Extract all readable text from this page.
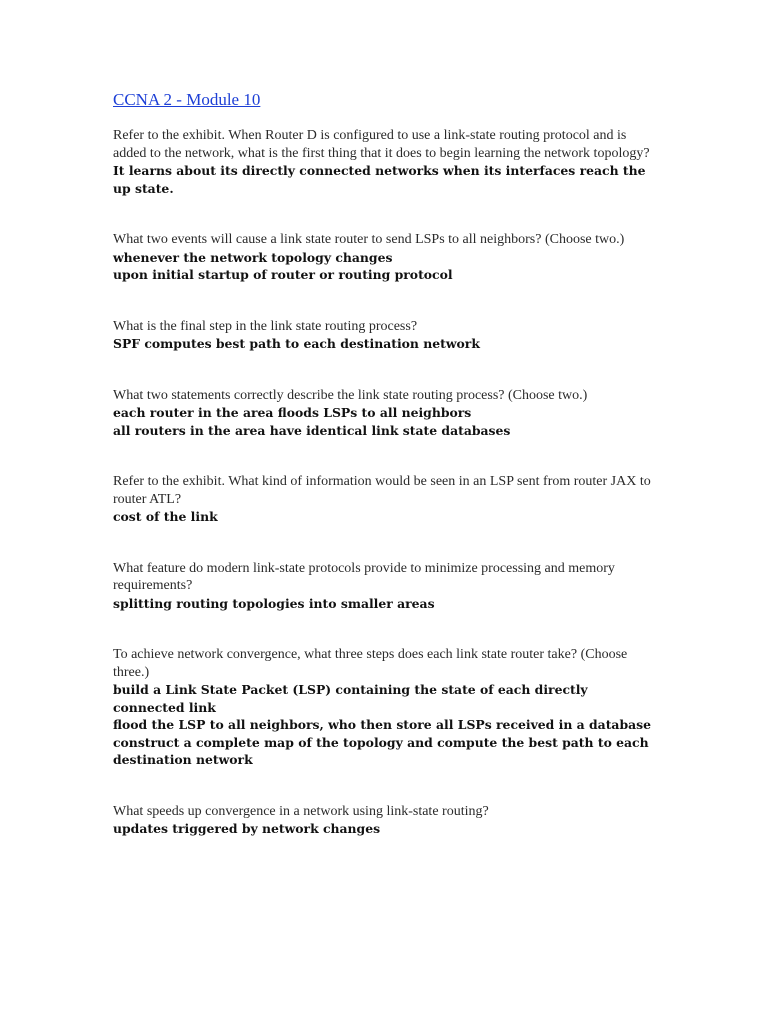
CCNA 2 - Module 10

Refer to the exhibit. When Router D is configured to use a link-state routing protocol and is added to the network, what is the first thing that it does to begin learning the network topology?

It learns about its directly connected networks when its interfaces reach the up state.

What two events will cause a link state router to send LSPs to all neighbors? (Choose two.)

whenever the network topology changes

upon initial startup of router or routing protocol

What is the final step in the link state routing process?

SPF computes best path to each destination network

What two statements correctly describe the link state routing process? (Choose two.)

each router in the area floods LSPs to all neighbors

all routers in the area have identical link state databases

Refer to the exhibit. What kind of information would be seen in an LSP sent from router JAX to router ATL?

cost of the link

What feature do modern link-state protocols provide to minimize processing and memory requirements?

splitting routing topologies into smaller areas

To achieve network convergence, what three steps does each link state router take? (Choose three.)

build a Link State Packet (LSP) containing the state of each directly connected link

flood the LSP to all neighbors, who then store all LSPs received in a database

construct a complete map of the topology and compute the best path to each destination network

What speeds up convergence in a network using link-state routing?

updates triggered by network changes
